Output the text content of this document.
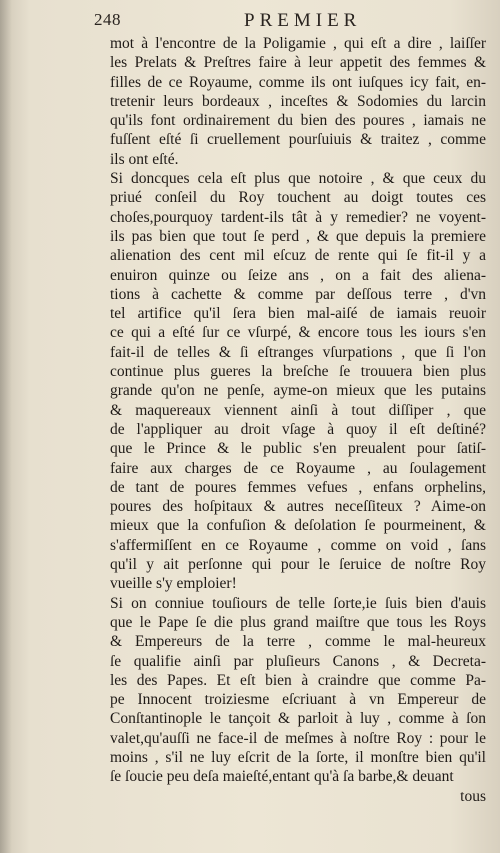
248	PREMIER
mot à l'encontre de la Poligamie , qui eſt a dire , laiſſer
les Prelats & Preſtres faire à leur appetit des femmes &
filles de ce Royaume, comme ils ont iuſques icy fait, en-
tretenir leurs bordeaux , inceſtes & Sodomies du larcin
qu'ils font ordinairement du bien des poures , iamais ne
fuſſent eſté ſi cruellement pourſuiuis & traitez , comme
ils ont eſté.
Si doncques cela eſt plus que notoire , & que ceux du
priué conſeil du Roy touchent au doigt toutes ces
choſes,pourquoy tardent-ils tât à y remedier? ne voyent-
ils pas bien que tout ſe perd , & que depuis la premiere
alienation des cent mil eſcuz de rente qui ſe fit-il y a
enuiron quinze ou ſeize ans , on a fait des aliena-
tions à cachette & comme par deſſous terre , d'vn
tel artifice qu'il ſera bien mal-aiſé de iamais reuoir
ce qui a eſté ſur ce vſurpé, & encore tous les iours s'en
fait-il de telles & ſi eſtranges vſurpations , que ſi l'on
continue plus gueres la breſche ſe trouuera bien plus
grande qu'on ne penſe, ayme-on mieux que les putains
& maquereaux viennent ainſi à tout diſſiper , que
de l'appliquer au droit vſage à quoy il eſt deſtiné?
que le Prince & le public s'en preualent pour ſatiſ-
faire aux charges de ce Royaume , au ſoulagement
de tant de poures femmes vefues , enfans orphelins,
poures des hoſpitaux & autres neceſſiteux ? Aime-on
mieux que la confuſion & deſolation ſe pourmeinent, &
s'affermiſſent en ce Royaume , comme on void , ſans
qu'il y ait perſonne qui pour le ſeruice de noſtre Roy
vueille s'y emploier!
Si on conniue touſiours de telle ſorte,ie ſuis bien d'auis
que le Pape ſe die plus grand maiſtre que tous les Roys
& Empereurs de la terre , comme le mal-heureux
ſe qualifie ainſi par pluſieurs Canons , & Decreta-
les des Papes. Et eſt bien à craindre que comme Pa-
pe Innocent troiziesme eſcriuant à vn Empereur de
Conſtantinople le tançoit & parloit à luy , comme à ſon
valet,qu'auſſi ne face-il de meſmes à noſtre Roy : pour le
moins , s'il ne luy eſcrit de la ſorte, il monſtre bien qu'il
ſe ſoucie peu deſa maieſté,entant qu'à ſa barbe,& deuant
tous
